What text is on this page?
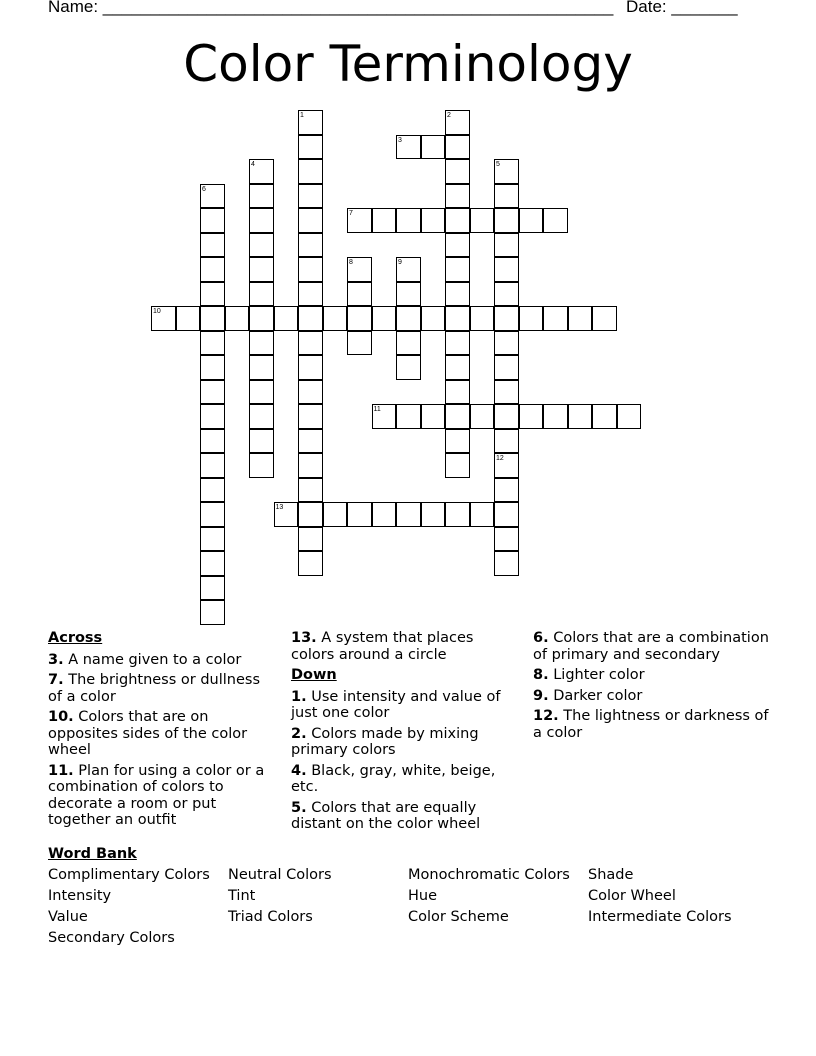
Name: ______________________________________________________ Date: _______
Color Terminology
1	2
3
4	5
6
7
8	9
10
11
12
13
Across
3. A name given to a color
7. The brightness or dullness of a color
10. Colors that are on opposites sides of the color wheel
11. Plan for using a color or a combination of colors to decorate a room or put together an outfit
13. A system that places colors around a circle
Down
1. Use intensity and value of just one color
2. Colors made by mixing primary colors
4. Black, gray, white, beige, etc.
5. Colors that are equally distant on the color wheel
6. Colors that are a combination of primary and secondary
8. Lighter color
9. Darker color
12. The lightness or darkness of a color
Word Bank
Complimentary Colors	Neutral Colors	Monochromatic Colors	Shade
Intensity	Tint	Hue	Color Wheel
Value	Triad Colors	Color Scheme	Intermediate Colors
Secondary Colors
